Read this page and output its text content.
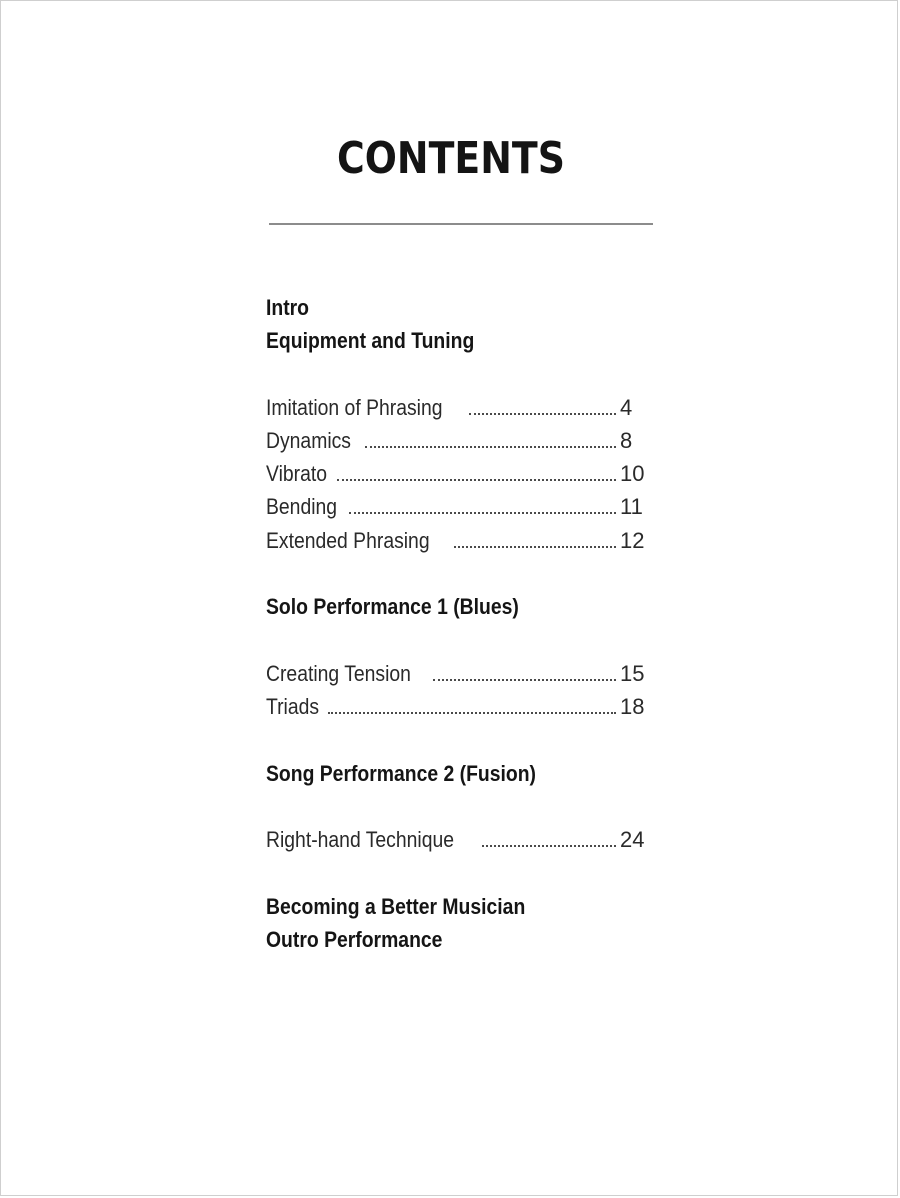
CONTENTS
Intro
Equipment and Tuning
Imitation of Phrasing	4
Dynamics	8
Vibrato	10
Bending	11
Extended Phrasing	12
Solo Performance 1 (Blues)
Creating Tension	15
Triads	18
Song Performance 2 (Fusion)
Right-hand Technique	24
Becoming a Better Musician
Outro Performance
